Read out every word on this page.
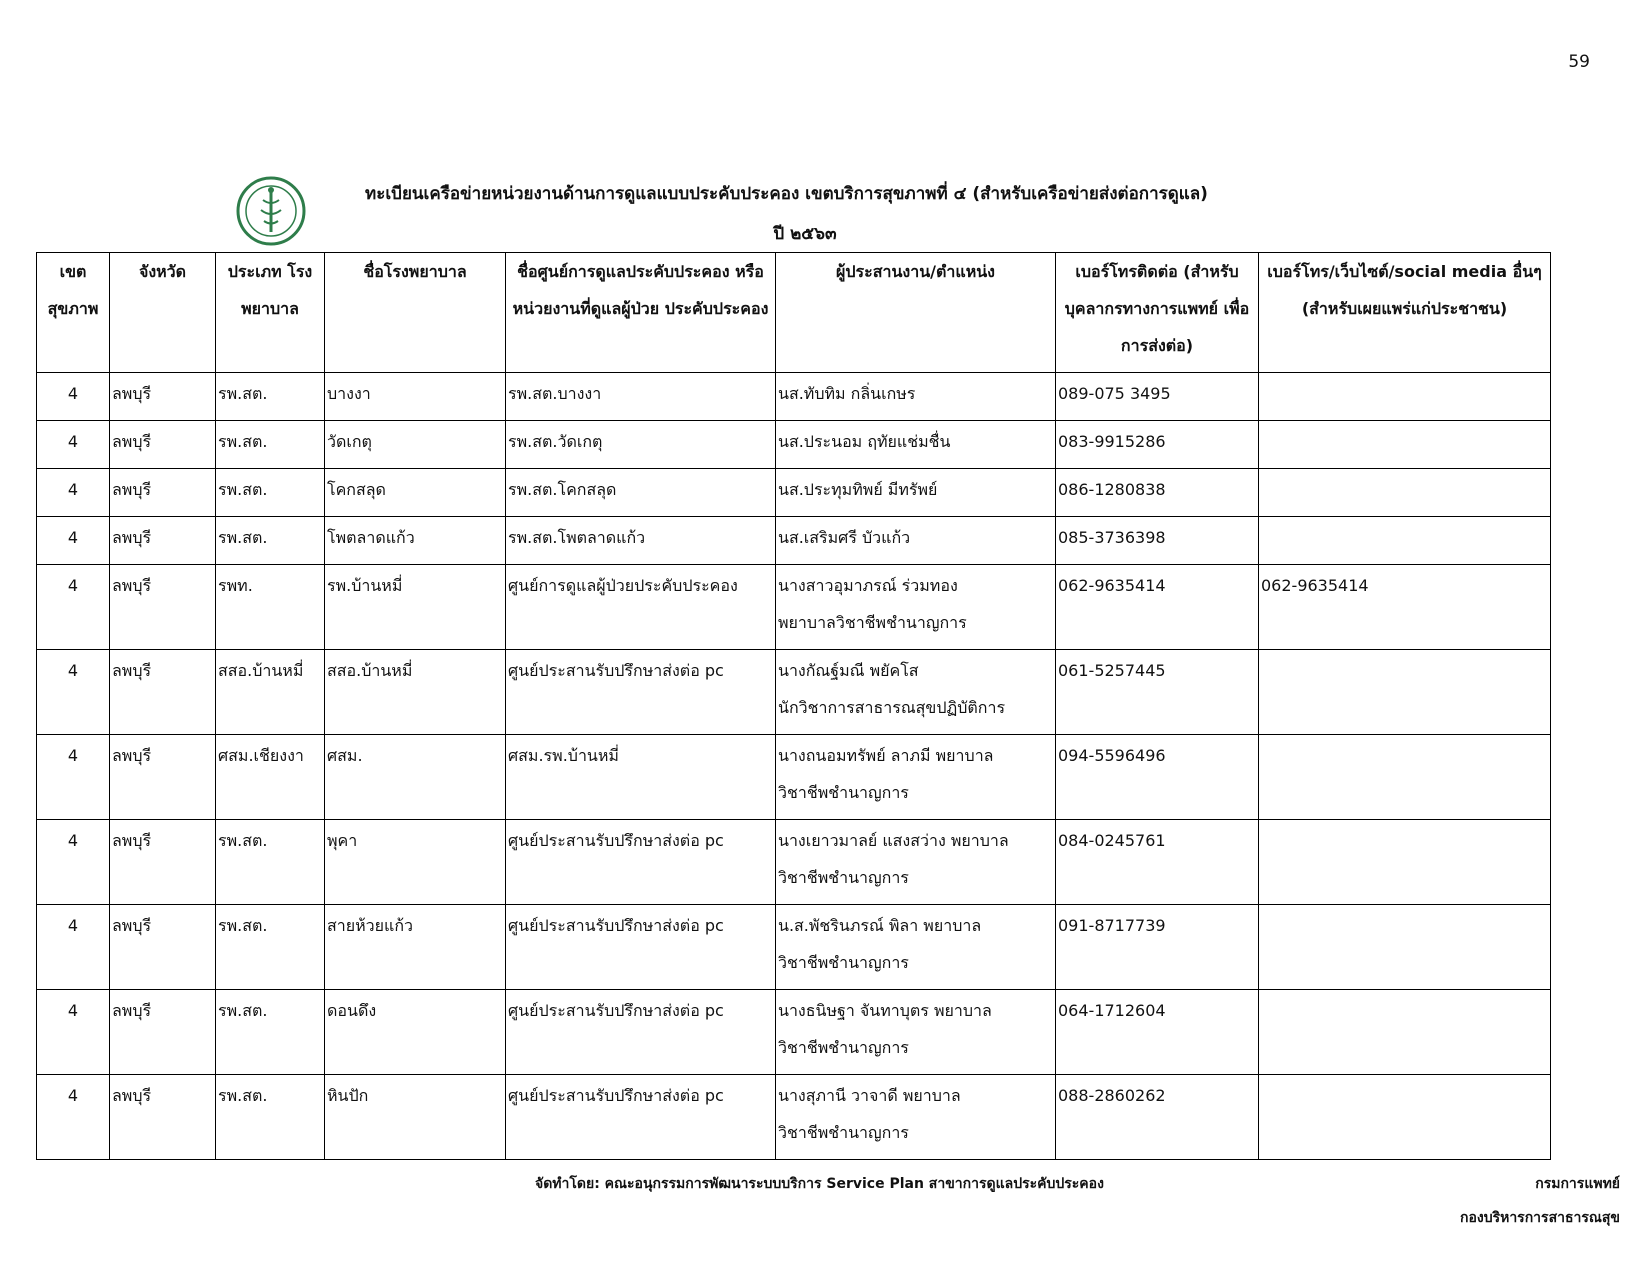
59
ทะเบียนเครือข่ายหน่วยงานด้านการดูแลแบบประคับประคอง เขตบริการสุขภาพที่ ๔ (สำหรับเครือข่ายส่งต่อการดูแล)
ปี ๒๕๖๓
เขต สุขภาพ	จังหวัด	ประเภท โรงพยาบาล	ชื่อโรงพยาบาล	ชื่อศูนย์การดูแลประคับประคอง หรือ หน่วยงานที่ดูแลผู้ป่วย ประคับประคอง	ผู้ประสานงาน/ตำแหน่ง	เบอร์โทรติดต่อ (สำหรับ บุคลากรทางการแพทย์ เพื่อการส่งต่อ)	เบอร์โทร/เว็บไซต์/social media อื่นๆ (สำหรับเผยแพร่แก่ประชาชน)
4	ลพบุรี	รพ.สต.	บางงา	รพ.สต.บางงา	นส.ทับทิม กลิ่นเกษร	089-075 3495	
4	ลพบุรี	รพ.สต.	วัดเกตุ	รพ.สต.วัดเกตุ	นส.ประนอม ฤทัยแช่มชื่น	083-9915286	
4	ลพบุรี	รพ.สต.	โคกสลุด	รพ.สต.โคกสลุด	นส.ประทุมทิพย์ มีทรัพย์	086-1280838	
4	ลพบุรี	รพ.สต.	โพตลาดแก้ว	รพ.สต.โพตลาดแก้ว	นส.เสริมศรี บัวแก้ว	085-3736398	
4	ลพบุรี	รพท.	รพ.บ้านหมี่	ศูนย์การดูแลผู้ป่วยประคับประคอง	นางสาวอุมาภรณ์ ร่วมทอง
พยาบาลวิชาชีพชำนาญการ	062-9635414	062-9635414
4	ลพบุรี	สสอ.บ้านหมี่	สสอ.บ้านหมี่	ศูนย์ประสานรับปรึกษาส่งต่อ pc	นางกัณฐ์มณี พยัคโส
นักวิชาการสาธารณสุขปฏิบัติการ	061-5257445	
4	ลพบุรี	ศสม.เชียงงา	ศสม.	ศสม.รพ.บ้านหมี่	นางถนอมทรัพย์ ลาภมี พยาบาล
วิชาชีพชำนาญการ	094-5596496	
4	ลพบุรี	รพ.สต.	พุคา	ศูนย์ประสานรับปรึกษาส่งต่อ pc	นางเยาวมาลย์ แสงสว่าง พยาบาล
วิชาชีพชำนาญการ	084-0245761	
4	ลพบุรี	รพ.สต.	สายห้วยแก้ว	ศูนย์ประสานรับปรึกษาส่งต่อ pc	น.ส.พัชรินภรณ์ พิลา พยาบาล
วิชาชีพชำนาญการ	091-8717739	
4	ลพบุรี	รพ.สต.	ดอนดึง	ศูนย์ประสานรับปรึกษาส่งต่อ pc	นางธนิษฐา จันทาบุตร พยาบาล
วิชาชีพชำนาญการ	064-1712604	
4	ลพบุรี	รพ.สต.	หินปัก	ศูนย์ประสานรับปรึกษาส่งต่อ pc	นางสุภานี วาจาดี พยาบาล
วิชาชีพชำนาญการ	088-2860262	
จัดทำโดย: คณะอนุกรรมการพัฒนาระบบบริการ Service Plan สาขาการดูแลประคับประคอง	กรมการแพทย์
กองบริหารการสาธารณสุข
